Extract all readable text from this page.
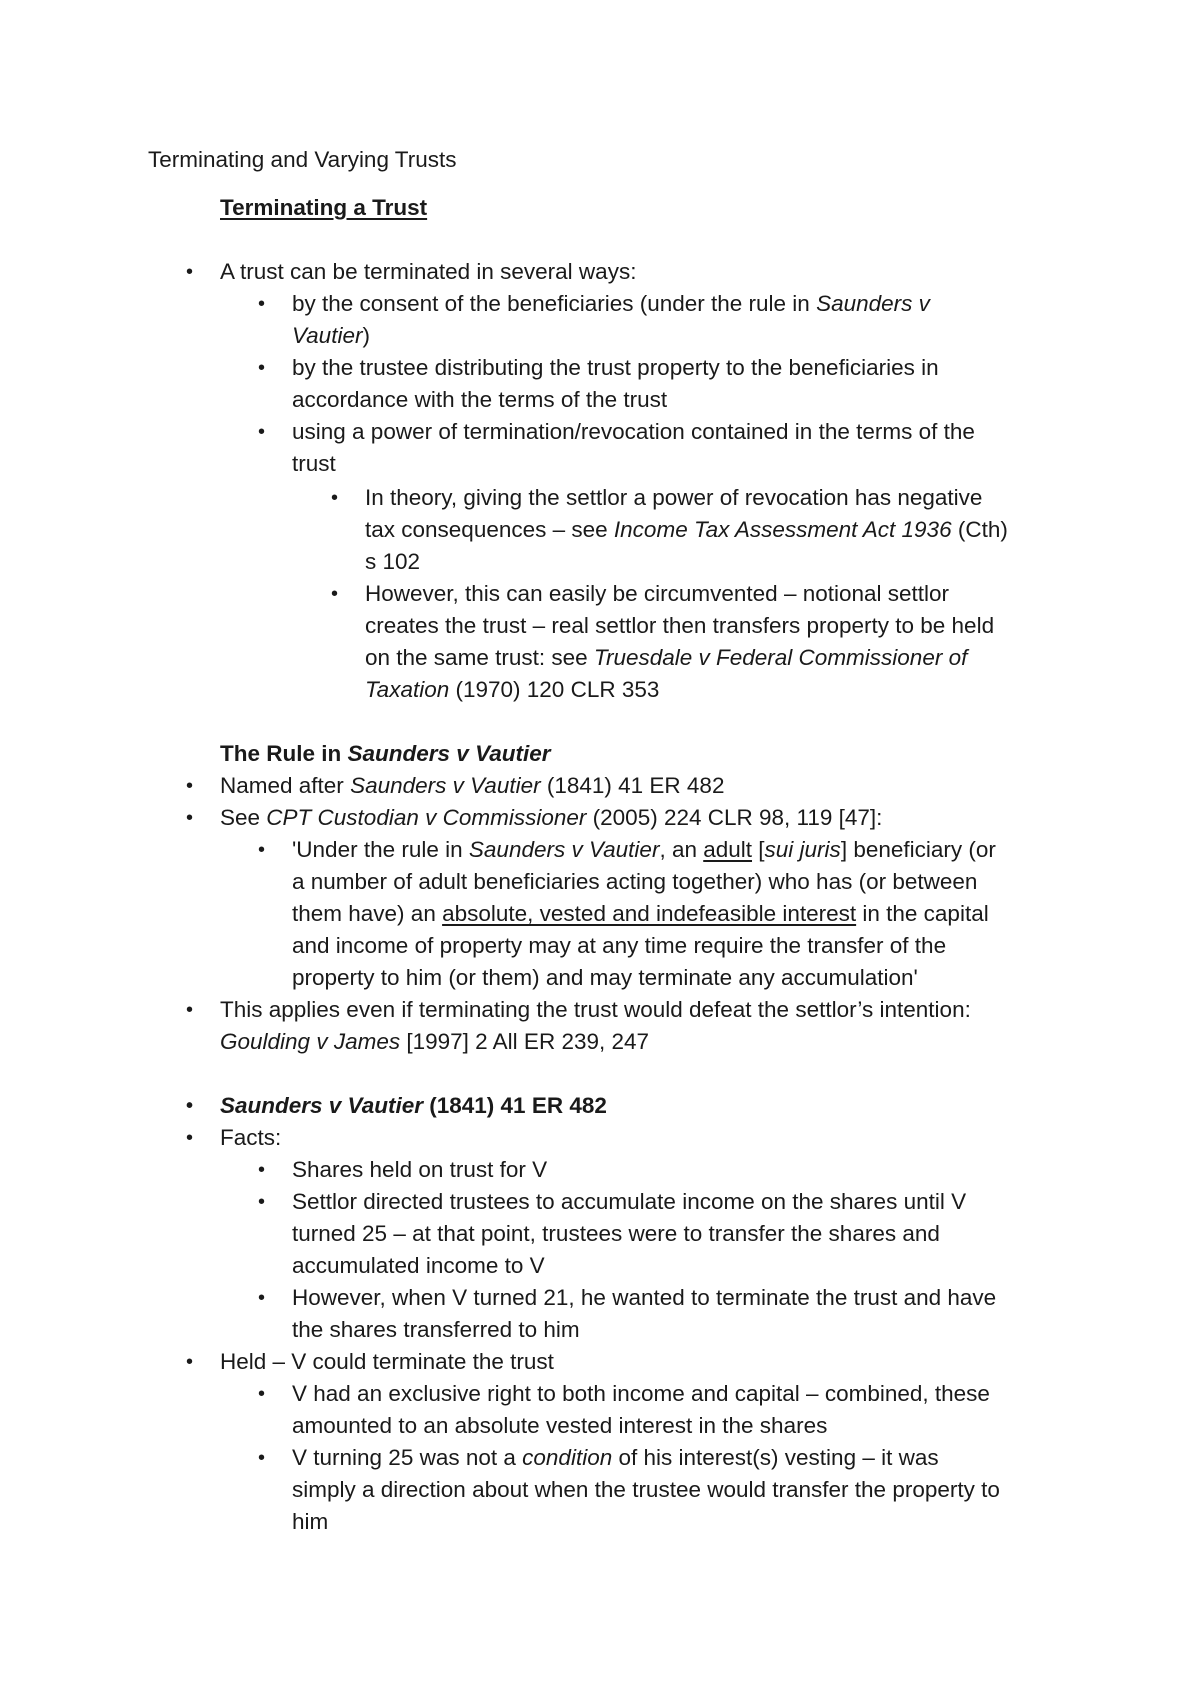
Terminating and Varying Trusts
Terminating a Trust
• A trust can be terminated in several ways:
• by the consent of the beneficiaries (under the rule in Saunders v
Vautier)
• by the trustee distributing the trust property to the beneficiaries in
accordance with the terms of the trust
• using a power of termination/revocation contained in the terms of the
trust
• In theory, giving the settlor a power of revocation has negative
tax consequences – see Income Tax Assessment Act 1936 (Cth)
s 102
• However, this can easily be circumvented – notional settlor
creates the trust – real settlor then transfers property to be held
on the same trust: see Truesdale v Federal Commissioner of
Taxation (1970) 120 CLR 353
The Rule in Saunders v Vautier
• Named after Saunders v Vautier (1841) 41 ER 482
• See CPT Custodian v Commissioner (2005) 224 CLR 98, 119 [47]:
• 'Under the rule in Saunders v Vautier, an adult [sui juris] beneficiary (or
a number of adult beneficiaries acting together) who has (or between
them have) an absolute, vested and indefeasible interest in the capital
and income of property may at any time require the transfer of the
property to him (or them) and may terminate any accumulation'
• This applies even if terminating the trust would defeat the settlor’s intention:
Goulding v James [1997] 2 All ER 239, 247
• Saunders v Vautier (1841) 41 ER 482
• Facts:
• Shares held on trust for V
• Settlor directed trustees to accumulate income on the shares until V
turned 25 – at that point, trustees were to transfer the shares and
accumulated income to V
• However, when V turned 21, he wanted to terminate the trust and have
the shares transferred to him
• Held – V could terminate the trust
• V had an exclusive right to both income and capital – combined, these
amounted to an absolute vested interest in the shares
• V turning 25 was not a condition of his interest(s) vesting – it was
simply a direction about when the trustee would transfer the property to
him
